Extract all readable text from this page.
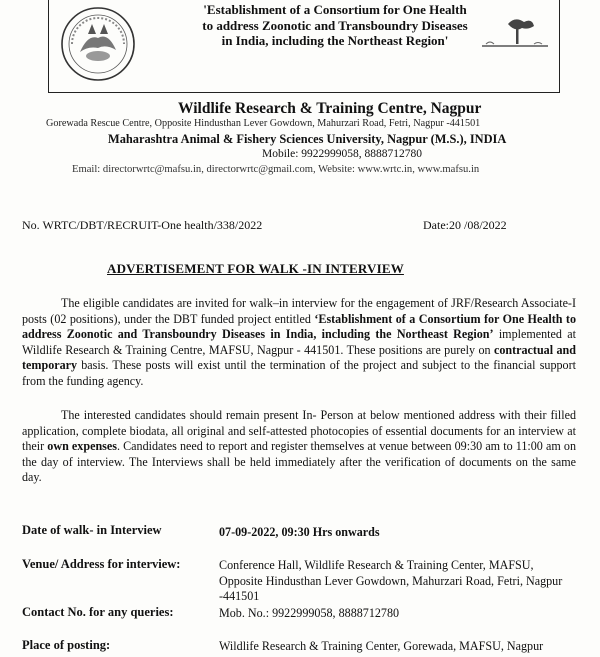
'Establishment of a Consortium for One Health to address Zoonotic and Transboundry Diseases in India, including the Northeast Region'
Wildlife Research & Training Centre, Nagpur
Gorewada Rescue Centre, Opposite Hindusthan Lever Gowdown, Mahurzari Road, Fetri, Nagpur -441501
Maharashtra Animal & Fishery Sciences University, Nagpur (M.S.), INDIA
Mobile: 9922999058, 8888712780
Email: directorwrtc@mafsu.in, directorwrtc@gmail.com, Website: www.wrtc.in, www.mafsu.in
No. WRTC/DBT/RECRUIT-One health/338/2022	Date:20 /08/2022
ADVERTISEMENT FOR WALK -IN INTERVIEW
The eligible candidates are invited for walk–in interview for the engagement of JRF/Research Associate-I posts (02 positions), under the DBT funded project entitled ‘Establishment of a Consortium for One Health to address Zoonotic and Transboundry Diseases in India, including the Northeast Region’ implemented at Wildlife Research & Training Centre, MAFSU, Nagpur - 441501. These positions are purely on contractual and temporary basis. These posts will exist until the termination of the project and subject to the financial support from the funding agency.
The interested candidates should remain present In- Person at below mentioned address with their filled application, complete biodata, all original and self-attested photocopies of essential documents for an interview at their own expenses. Candidates need to report and register themselves at venue between 09:30 am to 11:00 am on the day of interview. The Interviews shall be held immediately after the verification of documents on the same day.
Date of walk- in Interview	07-09-2022, 09:30 Hrs onwards
Venue/ Address for interview:	Conference Hall, Wildlife Research & Training Center, MAFSU, Opposite Hindusthan Lever Gowdown, Mahurzari Road, Fetri, Nagpur -441501
Contact No. for any queries:	Mob. No.: 9922999058, 8888712780
Place of posting:	Wildlife Research & Training Center, Gorewada, MAFSU, Nagpur
